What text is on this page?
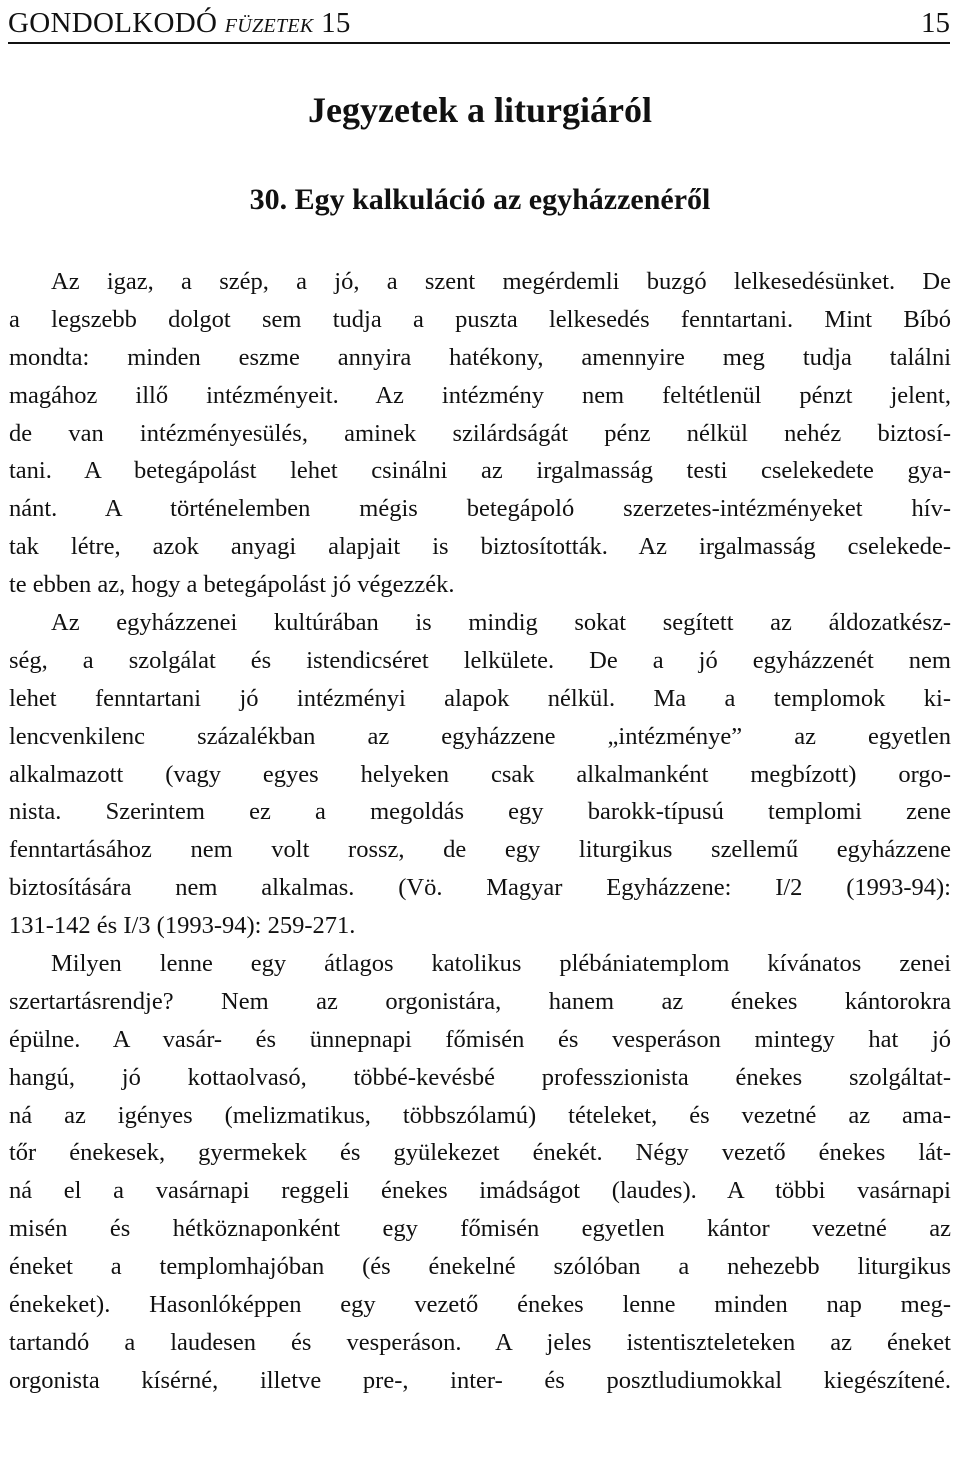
GONDOLKODÓ füzetek 15	15
Jegyzetek a liturgiáról
30. Egy kalkuláció az egyházzenéről
Az igaz, a szép, a jó, a szent megérdemli buzgó lelkesedésünket. De
a legszebb dolgot sem tudja a puszta lelkesedés fenntartani. Mint Bíbó
mondta: minden eszme annyira hatékony, amennyire meg tudja találni
magához illő intézményeit. Az intézmény nem feltétlenül pénzt jelent,
de van intézményesülés, aminek szilárdságát pénz nélkül nehéz biztosí-
tani. A betegápolást lehet csinálni az irgalmasság testi cselekedete gya-
nánt. A történelemben mégis betegápoló szerzetes-intézményeket hív-
tak létre, azok anyagi alapjait is biztosították. Az irgalmasság cselekede-
te ebben az, hogy a betegápolást jó végezzék.
Az egyházzenei kultúrában is mindig sokat segített az áldozatkész-
ség, a szolgálat és istendicséret lelkülete. De a jó egyházzenét nem
lehet fenntartani jó intézményi alapok nélkül. Ma a templomok ki-
lencvenkilenc százalékban az egyházzene „intézménye” az egyetlen
alkalmazott (vagy egyes helyeken csak alkalmanként megbízott) orgo-
nista. Szerintem ez a megoldás egy barokk-típusú templomi zene
fenntartásához nem volt rossz, de egy liturgikus szellemű egyházzene
biztosítására nem alkalmas. (Vö. Magyar Egyházzene: I/2 (1993-94):
131-142 és I/3 (1993-94): 259-271.
Milyen lenne egy átlagos katolikus plébániatemplom kívánatos zenei
szertartásrendje? Nem az orgonistára, hanem az énekes kántorokra
épülne. A vasár- és ünnepnapi főmisén és vesperáson mintegy hat jó
hangú, jó kottaolvasó, többé-kevésbé professzionista énekes szolgáltat-
ná az igényes (melizmatikus, többszólamú) tételeket, és vezetné az ama-
tőr énekesek, gyermekek és gyülekezet énekét. Négy vezető énekes lát-
ná el a vasárnapi reggeli énekes imádságot (laudes). A többi vasárnapi
misén és hétköznaponként egy főmisén egyetlen kántor vezetné az
éneket a templomhajóban (és énekelné szólóban a nehezebb liturgikus
énekeket). Hasonlóképpen egy vezető énekes lenne minden nap meg-
tartandó a laudesen és vesperáson. A jeles istentiszteleteken az éneket
orgonista kísérné, illetve pre-, inter- és posztludiumokkal kiegészítené.
